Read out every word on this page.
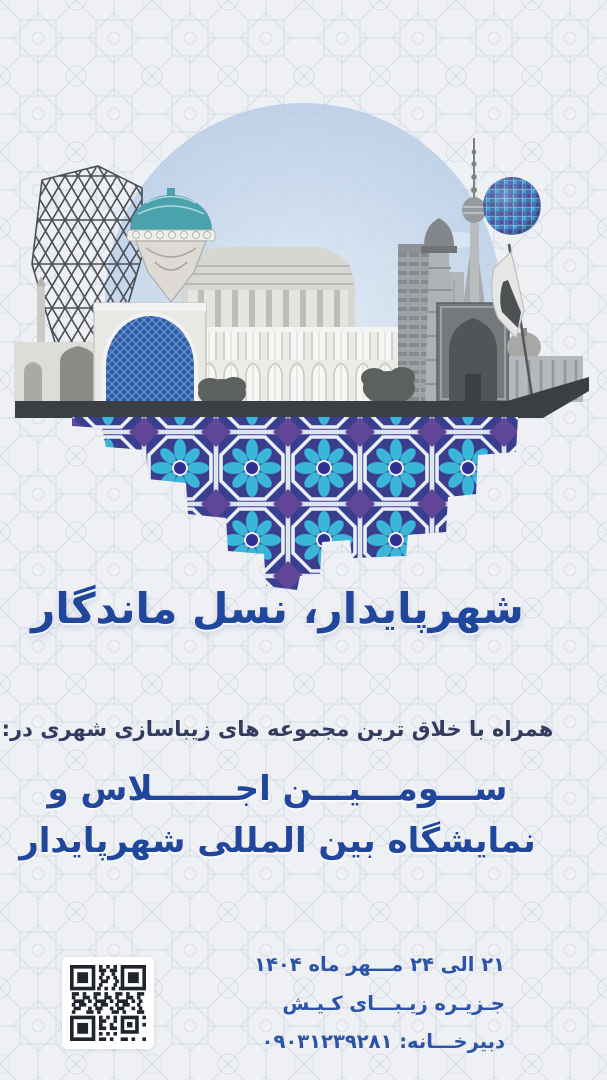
شهرپایدار، نسل ماندگار

همراه با خلاق ترین مجموعه های زیباسازی شهری در:

ســـومـــیـــن اجـــــــلاس و
نمایشگاه بین المللی شهرپایدار
۲۱ الی ۲۴ مـــهر ماه ۱۴۰۴
جـزیـره زیـبـــای کـیـش
دبیرخـــانه: ۰۹۰۳۱۲۳۹۲۸۱
